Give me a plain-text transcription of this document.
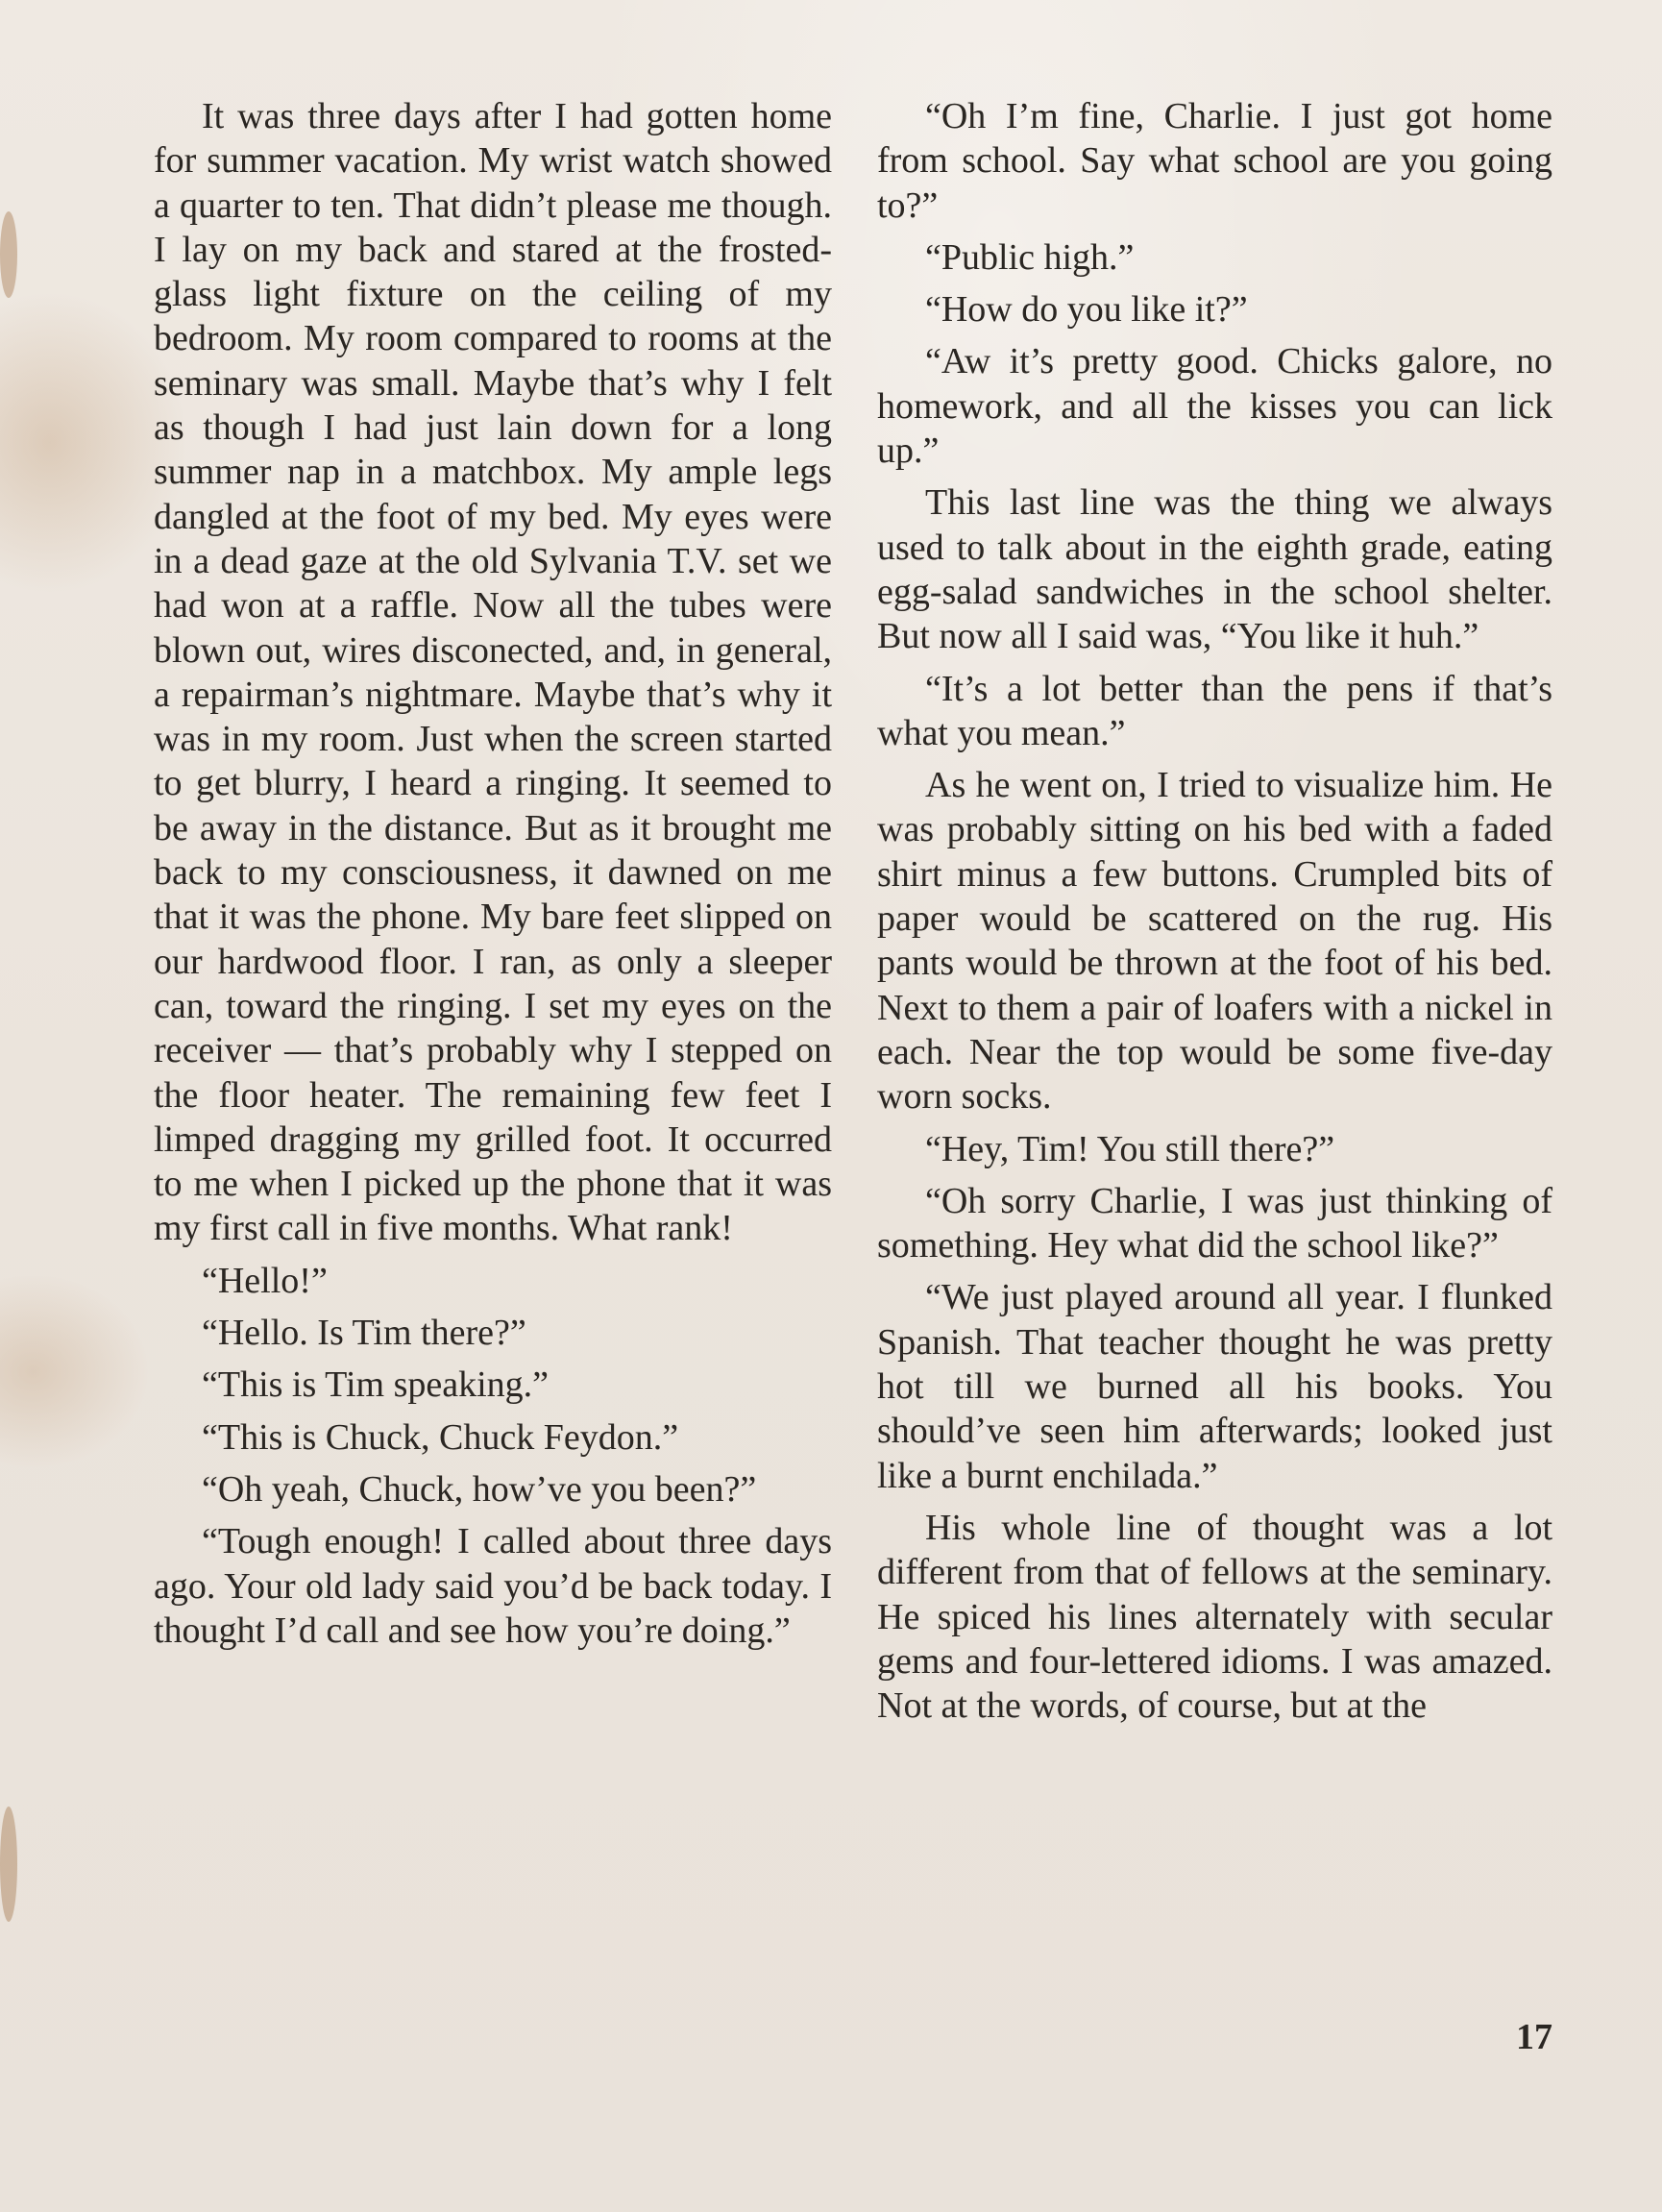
It was three days after I had gotten home for summer vacation. My wrist watch showed a quarter to ten. That didn’t please me though. I lay on my back and stared at the frosted-glass light fixture on the ceiling of my bedroom. My room compared to rooms at the seminary was small. Maybe that’s why I felt as though I had just lain down for a long summer nap in a matchbox. My ample legs dangled at the foot of my bed. My eyes were in a dead gaze at the old Sylvania T.V. set we had won at a raffle. Now all the tubes were blown out, wires disconected, and, in general, a repairman’s nightmare. Maybe that’s why it was in my room. Just when the screen started to get blurry, I heard a ringing. It seemed to be away in the distance. But as it brought me back to my consciousness, it dawned on me that it was the phone. My bare feet slipped on our hardwood floor. I ran, as only a sleeper can, toward the ringing. I set my eyes on the receiver — that’s probably why I stepped on the floor heater. The remaining few feet I limped dragging my grilled foot. It occurred to me when I picked up the phone that it was my first call in five months. What rank!

“Hello!”

“Hello. Is Tim there?”

“This is Tim speaking.”

“This is Chuck, Chuck Feydon.”

“Oh yeah, Chuck, how’ve you been?”

“Tough enough! I called about three days ago. Your old lady said you’d be back today. I thought I’d call and see how you’re doing.”

“Oh I’m fine, Charlie. I just got home from school. Say what school are you going to?”

“Public high.”

“How do you like it?”

“Aw it’s pretty good. Chicks galore, no homework, and all the kisses you can lick up.”

This last line was the thing we always used to talk about in the eighth grade, eating egg-salad sandwiches in the school shelter. But now all I said was, “You like it huh.”

“It’s a lot better than the pens if that’s what you mean.”

As he went on, I tried to visualize him. He was probably sitting on his bed with a faded shirt minus a few buttons. Crumpled bits of paper would be scattered on the rug. His pants would be thrown at the foot of his bed. Next to them a pair of loafers with a nickel in each. Near the top would be some five-day worn socks.

“Hey, Tim! You still there?”

“Oh sorry Charlie, I was just thinking of something. Hey what did the school like?”

“We just played around all year. I flunked Spanish. That teacher thought he was pretty hot till we burned all his books. You should’ve seen him afterwards; looked just like a burnt enchilada.”

His whole line of thought was a lot different from that of fellows at the seminary. He spiced his lines alternately with secular gems and four-lettered idioms. I was amazed. Not at the words, of course, but at the

17
